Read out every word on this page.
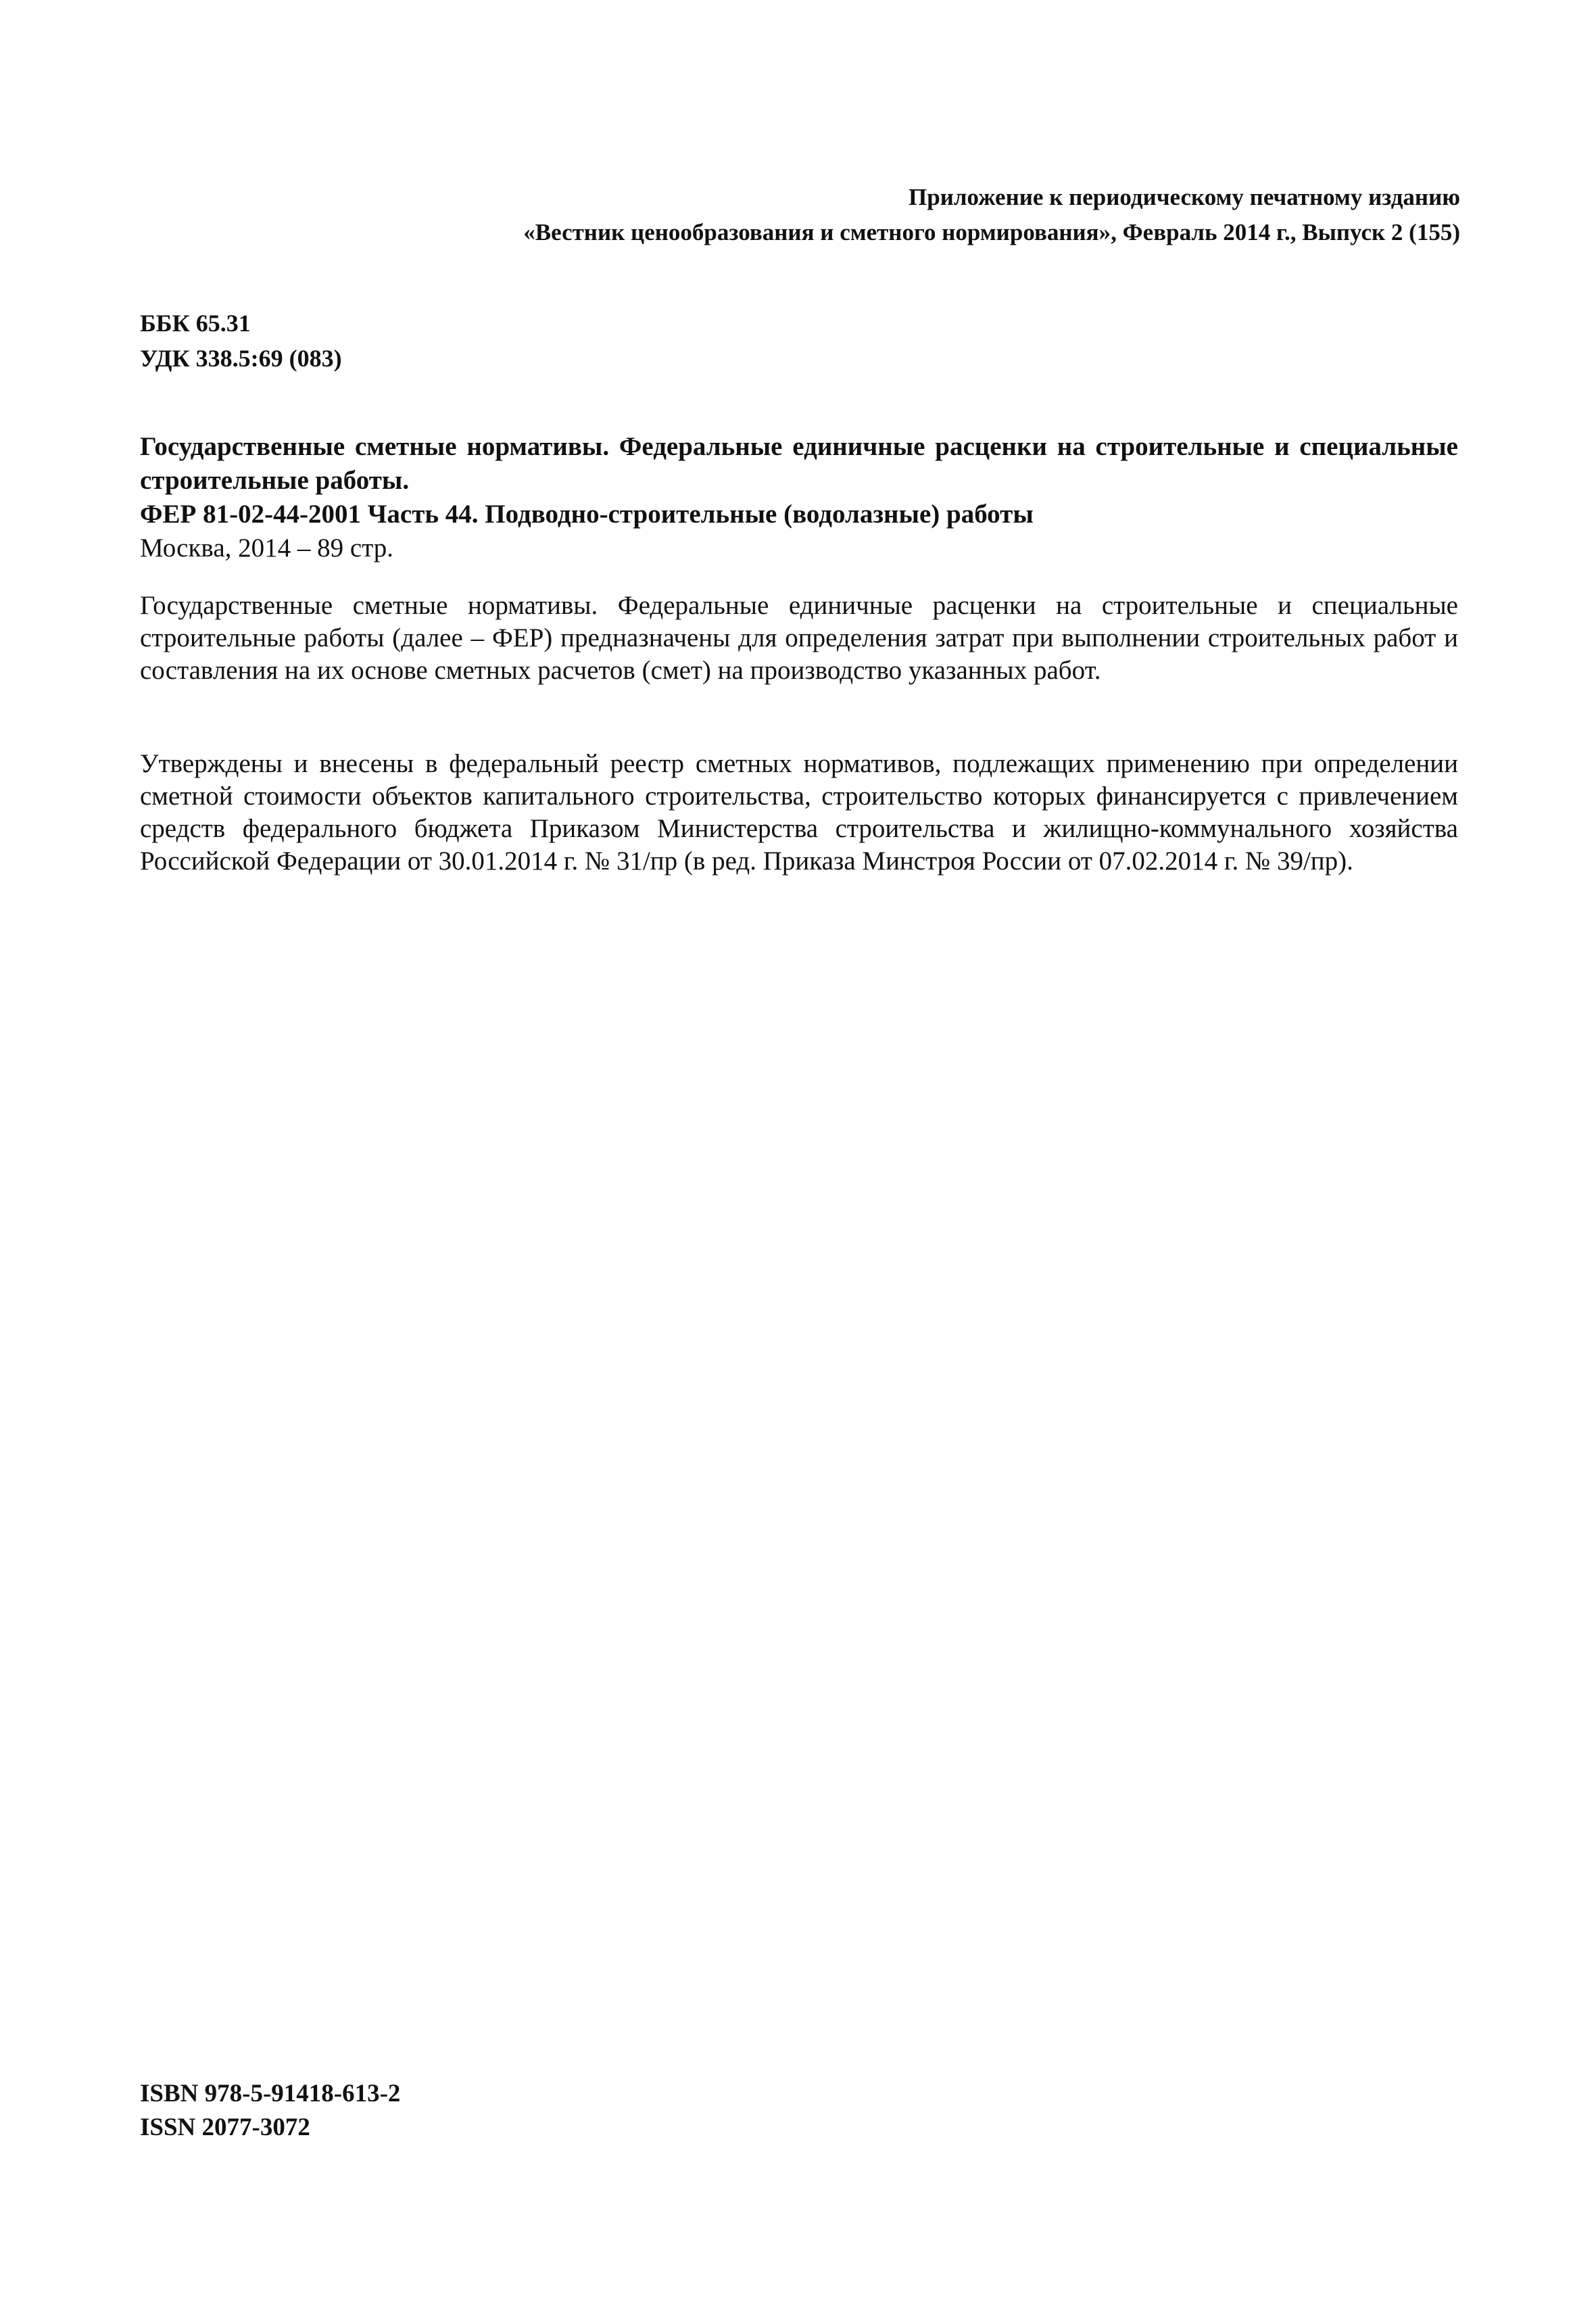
Приложение к периодическому печатному изданию
«Вестник ценообразования и сметного нормирования», Февраль 2014 г., Выпуск 2 (155)
ББК 65.31
УДК 338.5:69 (083)
Государственные сметные нормативы. Федеральные единичные расценки на строительные и специальные строительные работы.
ФЕР 81-02-44-2001 Часть 44. Подводно-строительные (водолазные) работы
Москва, 2014 – 89 стр.
Государственные сметные нормативы. Федеральные единичные расценки на строительные и специальные строительные работы (далее – ФЕР) предназначены для определения затрат при выполнении строительных работ и составления на их основе сметных расчетов (смет) на производство указанных работ.
Утверждены и внесены в федеральный реестр сметных нормативов, подлежащих применению при определении сметной стоимости объектов капитального строительства, строительство которых финансируется с привлечением средств федерального бюджета Приказом Министерства строительства и жилищно-коммунального хозяйства Российской Федерации от 30.01.2014 г. № 31/пр (в ред. Приказа Минстроя России от 07.02.2014 г. № 39/пр).
ISBN 978-5-91418-613-2
ISSN 2077-3072
